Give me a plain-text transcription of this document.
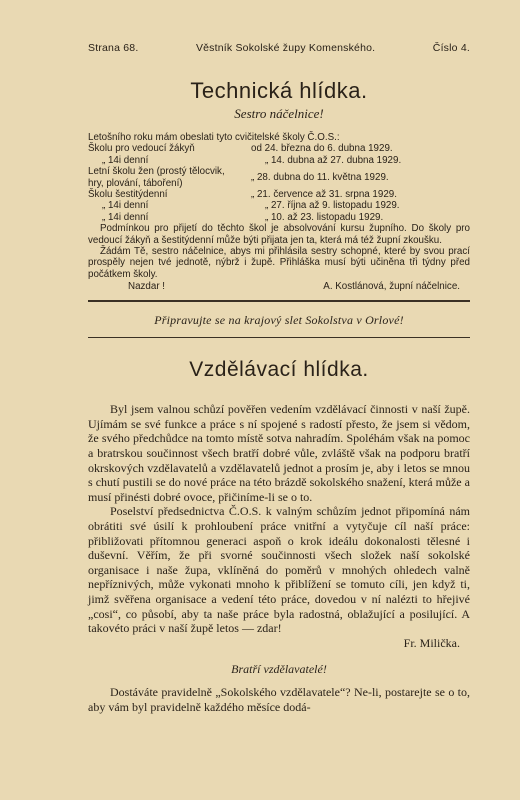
Strana 68.	Věstník Sokolské župy Komenského.	Číslo 4.
Technická hlídka.
Sestro náčelnice!
Letošního roku mám obeslati tyto cvičitelské školy Č.O.S.:
Školu pro vedoucí žákyň	od 24. března do 6. dubna 1929.
„ 14i denní	„ 14. dubna až 27. dubna 1929.
Letní školu žen (prostý tělocvik, hry, plování, táboření)
„ 28. dubna do 11. května 1929.
Školu šestitýdenní	„ 21. července až 31. srpna 1929.
„ 14i denní	„ 27. října až 9. listopadu 1929.
„ 14i denní	„ 10. až 23. listopadu 1929.
Podmínkou pro přijetí do těchto škol je absolvování kursu župního. Do školy pro vedoucí žákyň a šestitýdenní může býti přijata jen ta, která má též župní zkoušku.
Žádám Tě, sestro náčelnice, abys mi přihlásila sestry schopné, které by svou prací prospěly nejen tvé jednotě, nýbrž i župě. Přihláška musí býti učiněna tři týdny před počátkem školy.
Nazdar !	A. Kostlánová, župní náčelnice.
Připravujte se na krajový slet Sokolstva v Orlové!
Vzdělávací hlídka.

Byl jsem valnou schůzí pověřen vedením vzdělávací činnosti v naší župě. Ujímám se své funkce a práce s ní spojené s radostí přesto, že jsem si vědom, že svého předchůdce na tomto místě sotva nahradím. Spoléhám však na pomoc a bratrskou součinnost všech bratří dobré vůle, zvláště však na podporu bratří okrskových vzdělavatelů a vzdělavatelů jednot a prosím je, aby i letos se mnou s chutí pustili se do nové práce na této brázdě sokolského snažení, která může a musí přinésti dobré ovoce, přičiníme-li se o to.

Poselství předsednictva Č.O.S. k valným schůzím jednot připomíná nám obrátiti své úsilí k prohloubení práce vnitřní a vytyčuje cíl naší práce: přibližovati přítomnou generaci aspoň o krok ideálu dokonalosti tělesné i duševní. Věřím, že při svorné součinnosti všech složek naší sokolské organisace i naše župa, vklíněná do poměrů v mnohých ohledech valně nepříznivých, může vykonati mnoho k přiblížení se tomuto cíli, jen když ti, jimž svěřena organisace a vedení této práce, dovedou v ní nalézti to hřejivé „cosi“, co působí, aby ta naše práce byla radostná, oblažující a posilující. A takovéto práci v naší župě letos — zdar!

Fr. Milička.
Bratří vzdělavatelé!

Dostáváte pravidelně „Sokolského vzdělavatele“? Ne-li, postarejte se o to, aby vám byl pravidelně každého měsíce dodá-
